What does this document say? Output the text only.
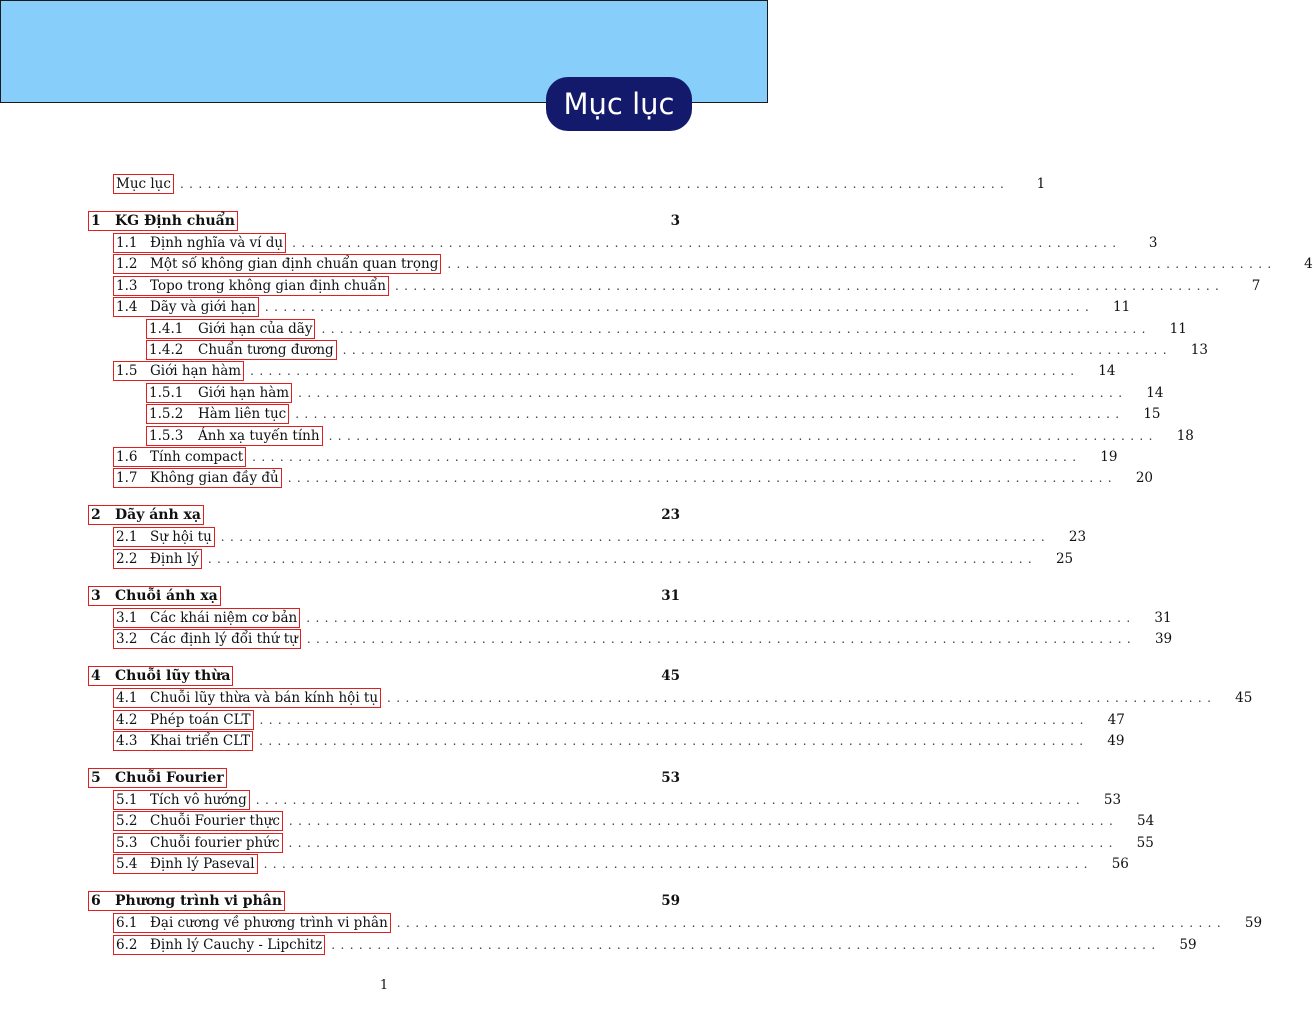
Mục lục
Mục lục ..........................................................................................	1
1	KG Định chuẩn	3
1.1 Định nghĩa và ví dụ ..........................................................................................	3
1.2 Một số không gian định chuẩn quan trọng ..........................................................................................	4
1.3 Topo trong không gian định chuẩn ..........................................................................................	7
1.4 Dãy và giới hạn ..........................................................................................	11
1.4.1	Giới hạn của dãy ..........................................................................................	11
1.4.2	Chuẩn tương đương ..........................................................................................	13
1.5 Giới hạn hàm ..........................................................................................	14
1.5.1	Giới hạn hàm ..........................................................................................	14
1.5.2	Hàm liên tục ..........................................................................................	15
1.5.3	Ánh xạ tuyến tính ..........................................................................................	18
1.6 Tính compact ..........................................................................................	19
1.7 Không gian đầy đủ ..........................................................................................	20
2	Dãy ánh xạ	23
2.1 Sự hội tụ ..........................................................................................	23
2.2 Định lý ..........................................................................................	25
3	Chuỗi ánh xạ	31
3.1 Các khái niệm cơ bản ..........................................................................................	31
3.2 Các định lý đổi thứ tự ..........................................................................................	39
4	Chuỗi lũy thừa	45
4.1 Chuỗi lũy thừa và bán kính hội tụ ..........................................................................................	45
4.2 Phép toán CLT ..........................................................................................	47
4.3 Khai triển CLT ..........................................................................................	49
5	Chuỗi Fourier	53
5.1 Tích vô hướng ..........................................................................................	53
5.2 Chuỗi Fourier thực ..........................................................................................	54
5.3 Chuỗi fourier phức ..........................................................................................	55
5.4 Định lý Paseval ..........................................................................................	56
6	Phương trình vi phân	59
6.1 Đại cương về phương trình vi phân ..........................................................................................	59
6.2 Định lý Cauchy - Lipchitz ..........................................................................................	59
1
